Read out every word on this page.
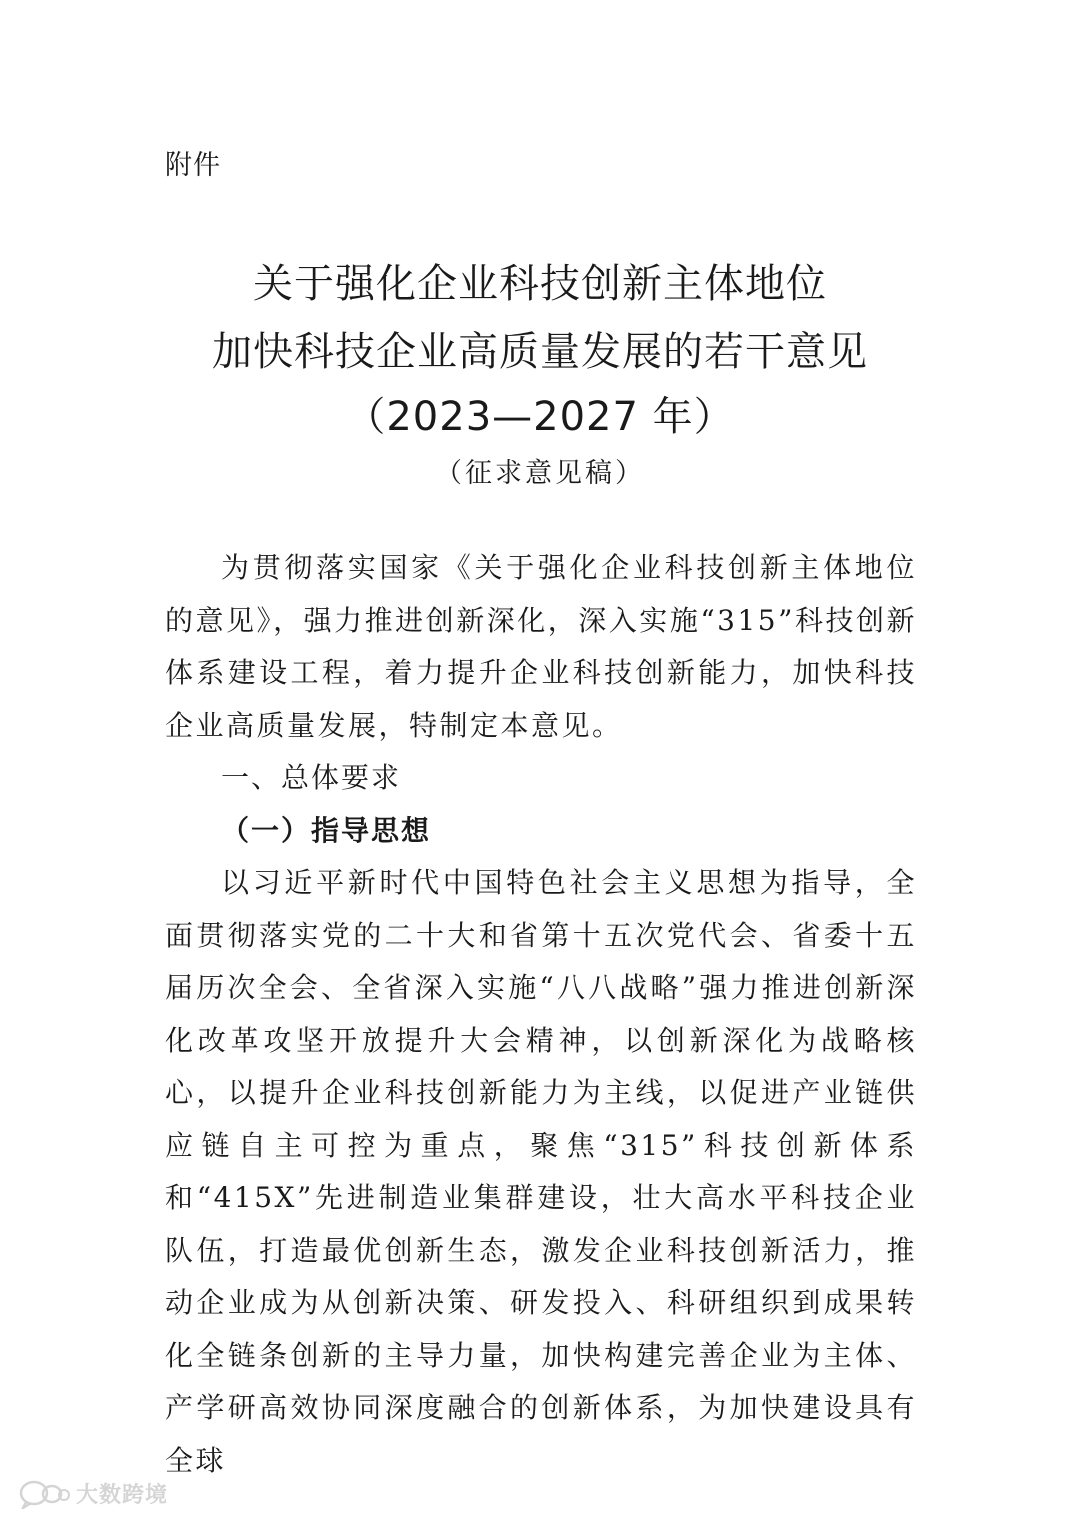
附件
关于强化企业科技创新主体地位
加快科技企业高质量发展的若干意见
（2023—2027 年）
（征求意见稿）

为贯彻落实国家《关于强化企业科技创新主体地位的意见》，强力推进创新深化，深入实施“315”科技创新体系建设工程，着力提升企业科技创新能力，加快科技企业高质量发展，特制定本意见。

一、总体要求
（一）指导思想

以习近平新时代中国特色社会主义思想为指导，全面贯彻落实党的二十大和省第十五次党代会、省委十五届历次全会、全省深入实施“八八战略”强力推进创新深化改革攻坚开放提升大会精神，以创新深化为战略核心，以提升企业科技创新能力为主线，以促进产业链供应链自主可控为重点，聚焦“315”科技创新体系和“415X”先进制造业集群建设，壮大高水平科技企业队伍，打造最优创新生态，激发企业科技创新活力，推动企业成为从创新决策、研发投入、科研组织到成果转化全链条创新的主导力量，加快构建完善企业为主体、产学研高效协同深度融合的创新体系，为加快建设具有全球

大数跨境
